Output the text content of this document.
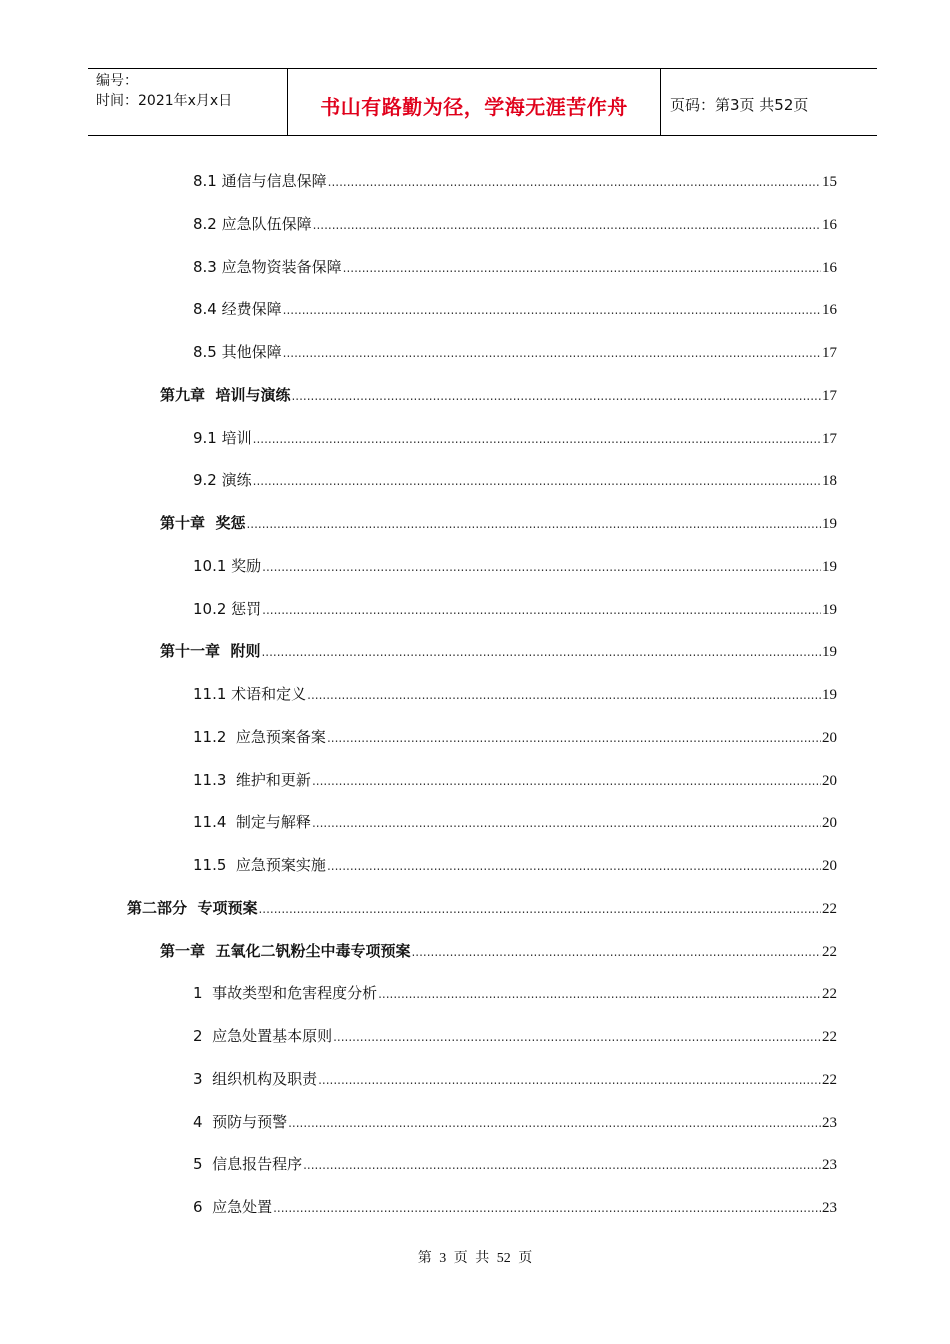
编号：
时间：2021年x月x日	书山有路勤为径，学海无涯苦作舟	页码：第3页 共52页
8.1 通信与信息保障 .....	15
8.2 应急队伍保障 .....	16
8.3 应急物资装备保障 .....	16
8.4 经费保障 .....	16
8.5 其他保障 .....	17
第九章  培训与演练 .....	17
9.1 培训 .....	17
9.2 演练 .....	18
第十章  奖惩 .....	19
10.1 奖励 .....	19
10.2 惩罚 .....	19
第十一章  附则 .....	19
11.1 术语和定义 .....	19
11.2  应急预案备案 .....	20
11.3  维护和更新 .....	20
11.4  制定与解释 .....	20
11.5  应急预案实施 .....	20
第二部分  专项预案 .....	22
第一章  五氧化二钒粉尘中毒专项预案 .....	22
1  事故类型和危害程度分析 .....	22
2  应急处置基本原则 .....	22
3  组织机构及职责 .....	22
4  预防与预警 .....	23
5  信息报告程序 .....	23
6  应急处置 .....	23
第 3 页 共 52 页
